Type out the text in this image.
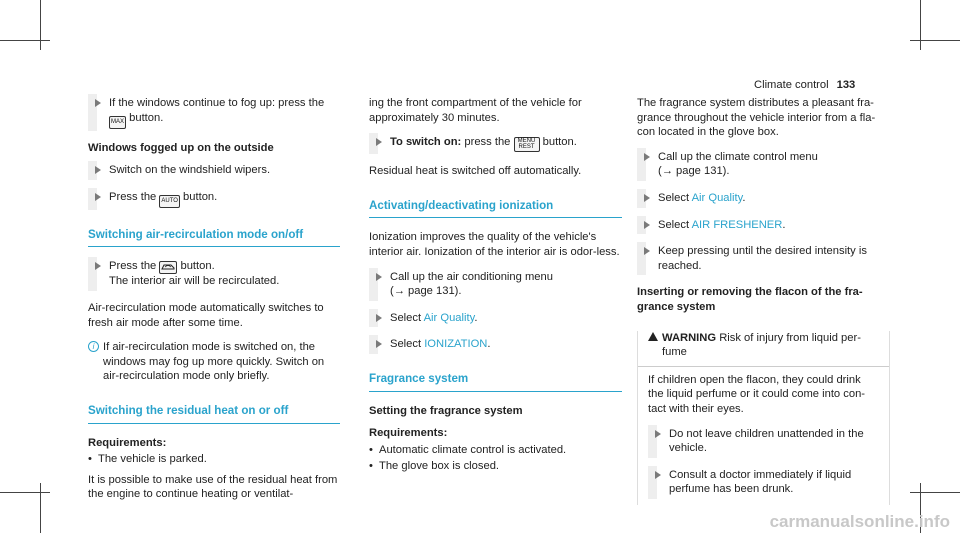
Climate control 133
If the windows continue to fog up: press the
MAX button.
Windows fogged up on the outside
Switch on the windshield wipers.
Press the AUTO button.
Switching air-recirculation mode on/off
Press the button.
The interior air will be recirculated.

Air-recirculation mode automatically switches to fresh air mode after some time.

i If air-recirculation mode is switched on, the windows may fog up more quickly. Switch on air-recirculation mode only briefly.
Switching the residual heat on or off
Requirements:
• The vehicle is parked.

It is possible to make use of the residual heat from the engine to continue heating or ventilat-

ing the front compartment of the vehicle for approximately 30 minutes.

To switch on: press the MENU
REST button.

Residual heat is switched off automatically.

Activating/deactivating ionization

Ionization improves the quality of the vehicle's interior air. Ionization of the interior air is odor-less.

Call up the air conditioning menu
(→ page 131).
Select Air Quality.
Select IONIZATION.
Fragrance system
Setting the fragrance system
Requirements:
• Automatic climate control is activated.
• The glove box is closed.

The fragrance system distributes a pleasant fra-grance throughout the vehicle interior from a fla-con located in the glove box.

Call up the climate control menu
(→ page 131).
Select Air Quality.
Select AIR FRESHENER.
Keep pressing until the desired intensity is reached.
Inserting or removing the flacon of the fra-grance system
WARNING Risk of injury from liquid per-fume

If children open the flacon, they could drink the liquid perfume or it could come into con-tact with their eyes.

Do not leave children unattended in the vehicle.
Consult a doctor immediately if liquid perfume has been drunk.
carmanualsonline.info
